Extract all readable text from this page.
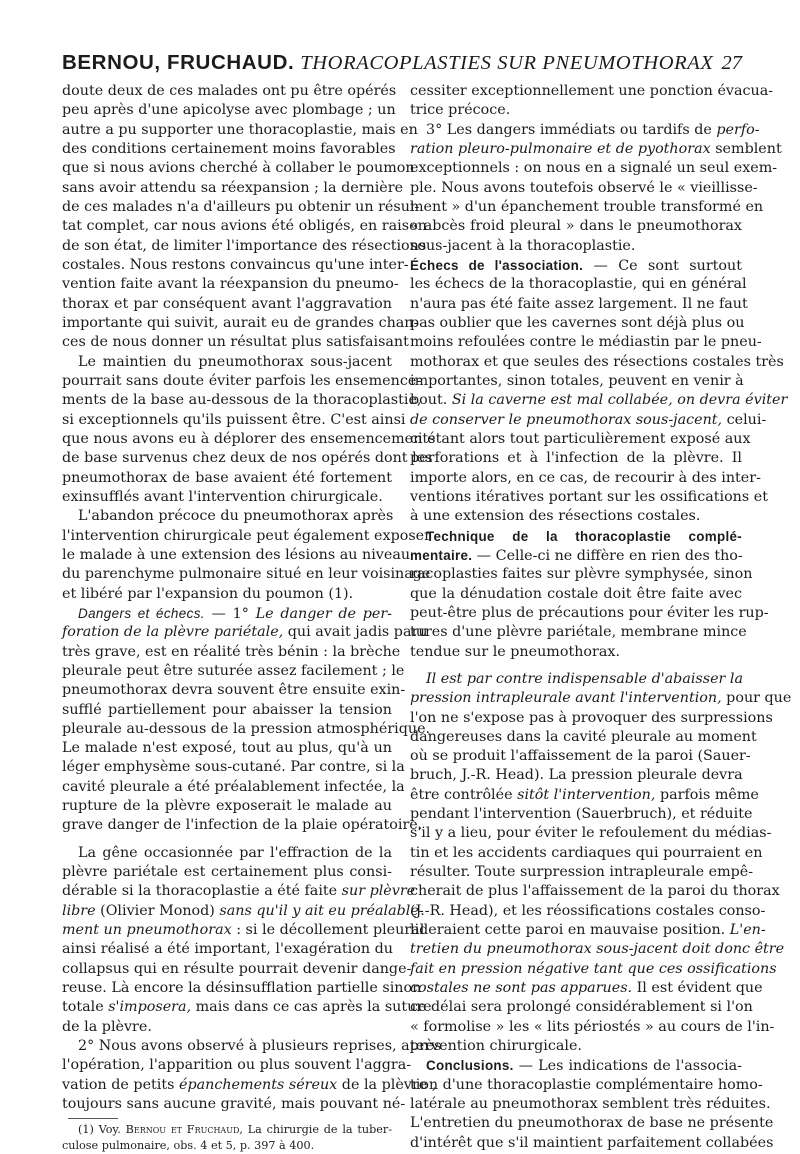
BERNOU, FRUCHAUD. THORACOPLASTIES SUR PNEUMOTHORAX 27
doute deux de ces malades ont pu être opérés
peu après d'une apicolyse avec plombage ; un
autre a pu supporter une thoracoplastie, mais en
des conditions certainement moins favorables
que si nous avions cherché à collaber le poumon
sans avoir attendu sa réexpansion ; la dernière
de ces malades n'a d'ailleurs pu obtenir un résul-
tat complet, car nous avions été obligés, en raison
de son état, de limiter l'importance des résections
costales. Nous restons convaincus qu'une inter-
vention faite avant la réexpansion du pneumo-
thorax et par conséquent avant l'aggravation
importante qui suivit, aurait eu de grandes chan-
ces de nous donner un résultat plus satisfaisant
Le maintien du pneumothorax sous-jacent
pourrait sans doute éviter parfois les ensemence-
ments de la base au-dessous de la thoracoplastie,
si exceptionnels qu'ils puissent être. C'est ainsi
que nous avons eu à déplorer des ensemencements
de base survenus chez deux de nos opérés dont les
pneumothorax de base avaient été fortement
exinsufflés avant l'intervention chirurgicale.
L'abandon précoce du pneumothorax après
l'intervention chirurgicale peut également exposer
le malade à une extension des lésions au niveau
du parenchyme pulmonaire situé en leur voisinage
et libéré par l'expansion du poumon (1).
Dangers et échecs. — 1° Le danger de per-
foration de la plèvre pariétale, qui avait jadis paru
très grave, est en réalité très bénin : la brèche
pleurale peut être suturée assez facilement ; le
pneumothorax devra souvent être ensuite exin-
sufflé partiellement pour abaisser la tension
pleurale au-dessous de la pression atmosphérique.
Le malade n'est exposé, tout au plus, qu'à un
léger emphysème sous-cutané. Par contre, si la
cavité pleurale a été préalablement infectée, la
rupture de la plèvre exposerait le malade au
grave danger de l'infection de la plaie opératoire.
La gêne occasionnée par l'effraction de la
plèvre pariétale est certainement plus consi-
dérable si la thoracoplastie a été faite sur plèvre
libre (Olivier Monod) sans qu'il y ait eu préalable-
ment un pneumothorax : si le décollement pleural
ainsi réalisé a été important, l'exagération du
collapsus qui en résulte pourrait devenir dange-
reuse. Là encore la désinsufflation partielle sinon
totale s'imposera, mais dans ce cas après la suture
de la plèvre.
2° Nous avons observé à plusieurs reprises, après
l'opération, l'apparition ou plus souvent l'aggra-
vation de petits épanchements séreux de la plèvre ,
toujours sans aucune gravité, mais pouvant né-
(1) Voy. Bernou et Fruchaud, La chirurgie de la tuber-
culose pulmonaire, obs. 4 et 5, p. 397 à 400.
cessiter exceptionnellement une ponction évacua-
trice précoce.
3° Les dangers immédiats ou tardifs de perfo-
ration pleuro-pulmonaire et de pyothorax semblent
exceptionnels : on nous en a signalé un seul exem-
ple. Nous avons toutefois observé le « vieillisse-
ment » d'un épanchement trouble transformé en
« abcès froid pleural » dans le pneumothorax
sous-jacent à la thoracoplastie.
Échecs de l'association. — Ce sont surtout
les échecs de la thoracoplastie, qui en général
n'aura pas été faite assez largement. Il ne faut
pas oublier que les cavernes sont déjà plus ou
moins refoulées contre le médiastin par le pneu-
mothorax et que seules des résections costales très
importantes, sinon totales, peuvent en venir à
bout. Si la caverne est mal collabée, on devra éviter
de conserver le pneumothorax sous-jacent, celui-
ci étant alors tout particulièrement exposé aux
perforations et à l'infection de la plèvre. Il
importe alors, en ce cas, de recourir à des inter-
ventions itératives portant sur les ossifications et
à une extension des résections costales.
Technique de la thoracoplastie complé-
mentaire. — Celle-ci ne diffère en rien des tho-
racoplasties faites sur plèvre symphysée, sinon
que la dénudation costale doit être faite avec
peut-être plus de précautions pour éviter les rup-
tures d'une plèvre pariétale, membrane mince
tendue sur le pneumothorax.
Il est par contre indispensable d'abaisser la
pression intrapleurale avant l'intervention, pour que
l'on ne s'expose pas à provoquer des surpressions
dangereuses dans la cavité pleurale au moment
où se produit l'affaissement de la paroi (Sauer-
bruch, J.-R. Head). La pression pleurale devra
être contrôlée sitôt l'intervention, parfois même
pendant l'intervention (Sauerbruch), et réduite
s'il y a lieu, pour éviter le refoulement du médias-
tin et les accidents cardiaques qui pourraient en
résulter. Toute surpression intrapleurale empê-
cherait de plus l'affaissement de la paroi du thorax
(J.-R. Head), et les réossifications costales conso-
lideraient cette paroi en mauvaise position. L'en-
tretien du pneumothorax sous-jacent doit donc être
fait en pression négative tant que ces ossifications
costales ne sont pas apparues. Il est évident que
ce délai sera prolongé considérablement si l'on
« formolise » les « lits périostés » au cours de l'in-
tervention chirurgicale.
Conclusions. — Les indications de l'associa-
tion d'une thoracoplastie complémentaire homo-
latérale au pneumothorax semblent très réduites.
L'entretien du pneumothorax de base ne présente
d'intérêt que s'il maintient parfaitement collabées
